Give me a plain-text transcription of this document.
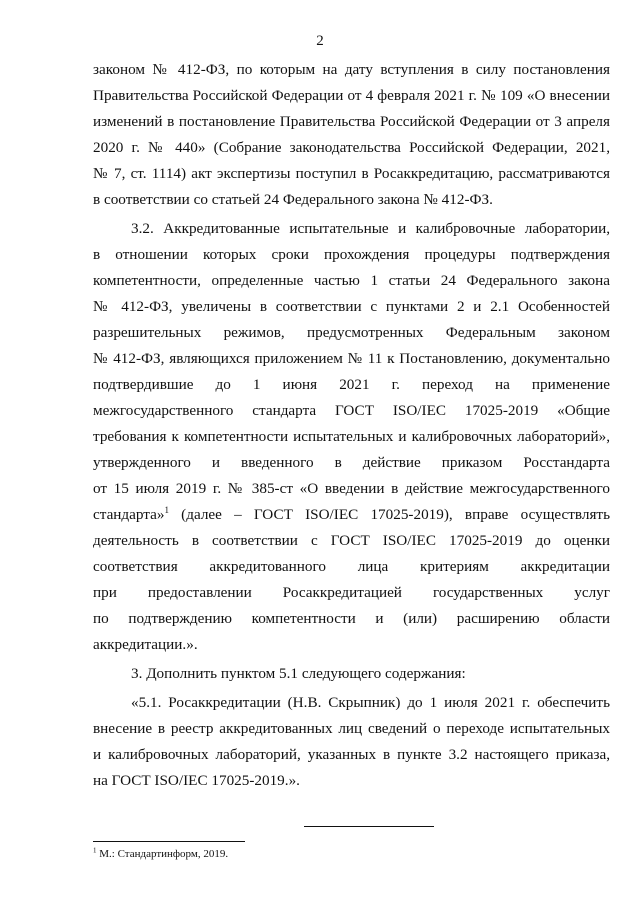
2
законом № 412-ФЗ, по которым на дату вступления в силу постановления
Правительства Российской Федерации от 4 февраля 2021 г. № 109 «О внесении
изменений в постановление Правительства Российской Федерации от 3 апреля
2020 г. № 440» (Собрание законодательства Российской Федерации, 2021,
№ 7, ст. 1114) акт экспертизы поступил в Росаккредитацию, рассматриваются
в соответствии со статьей 24 Федерального закона № 412-ФЗ.
3.2. Аккредитованные испытательные и калибровочные лаборатории,
в отношении которых сроки прохождения процедуры подтверждения
компетентности, определенные частью 1 статьи 24 Федерального закона
№ 412-ФЗ, увеличены в соответствии с пунктами 2 и 2.1 Особенностей
разрешительных режимов, предусмотренных Федеральным законом
№ 412-ФЗ, являющихся приложением № 11 к Постановлению, документально
подтвердившие до 1 июня 2021 г. переход на применение
межгосударственного стандарта ГОСТ ISO/IEC 17025-2019 «Общие
требования к компетентности испытательных и калибровочных лабораторий»,
утвержденного и введенного в действие приказом Росстандарта
от 15 июля 2019 г. № 385-ст «О введении в действие межгосударственного
стандарта»$^1$ (далее – ГОСТ ISO/IEC 17025-2019), вправе осуществлять
деятельность в соответствии с ГОСТ ISO/IEC 17025-2019 до оценки
соответствия аккредитованного лица критериям аккредитации
при предоставлении Росаккредитацией государственных услуг
по подтверждению компетентности и (или) расширению области
аккредитации.».
3. Дополнить пунктом 5.1 следующего содержания:
«5.1. Росаккредитации (Н.В. Скрыпник) до 1 июля 2021 г. обеспечить
внесение в реестр аккредитованных лиц сведений о переходе испытательных
и калибровочных лабораторий, указанных в пункте 3.2 настоящего приказа,
на ГОСТ ISO/IEC 17025-2019.».
$^1$ М.: Стандартинформ, 2019.
